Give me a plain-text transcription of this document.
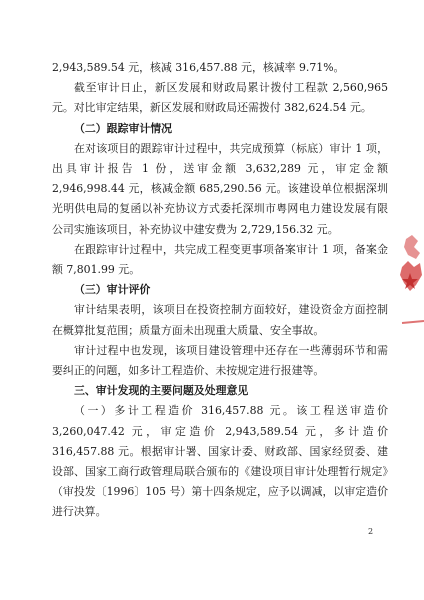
2,943,589.54 元，核减 316,457.88 元，核减率 9.71%。

截至审计日止，新区发展和财政局累计拨付工程款 2,560,965 元。对比审定结果，新区发展和财政局还需拨付 382,624.54 元。

（二）跟踪审计情况

在对该项目的跟踪审计过程中，共完成预算（标底）审计 1 项，出具审计报告 1 份，送审金额 3,632,289 元，审定金额 2,946,998.44 元，核减金额 685,290.56 元。该建设单位根据深圳光明供电局的复函以补充协议方式委托深圳市粤网电力建设发展有限公司实施该项目，补充协议中建安费为 2,729,156.32 元。

在跟踪审计过程中，共完成工程变更事项备案审计 1 项，备案金额 7,801.99 元。

（三）审计评价

审计结果表明，该项目在投资控制方面较好，建设资金方面控制在概算批复范围；质量方面未出现重大质量、安全事故。

审计过程中也发现，该项目建设管理中还存在一些薄弱环节和需要纠正的问题，如多计工程造价、未按规定进行报建等。

三、审计发现的主要问题及处理意见

（一）多计工程造价 316,457.88 元。该工程送审造价 3,260,047.42 元，审定造价 2,943,589.54 元，多计造价 316,457.88 元。根据审计署、国家计委、财政部、国家经贸委、建设部、国家工商行政管理局联合颁布的《建设项目审计处理暂行规定》（审投发〔1996〕105 号）第十四条规定，应予以调减，以审定造价进行决算。

2
